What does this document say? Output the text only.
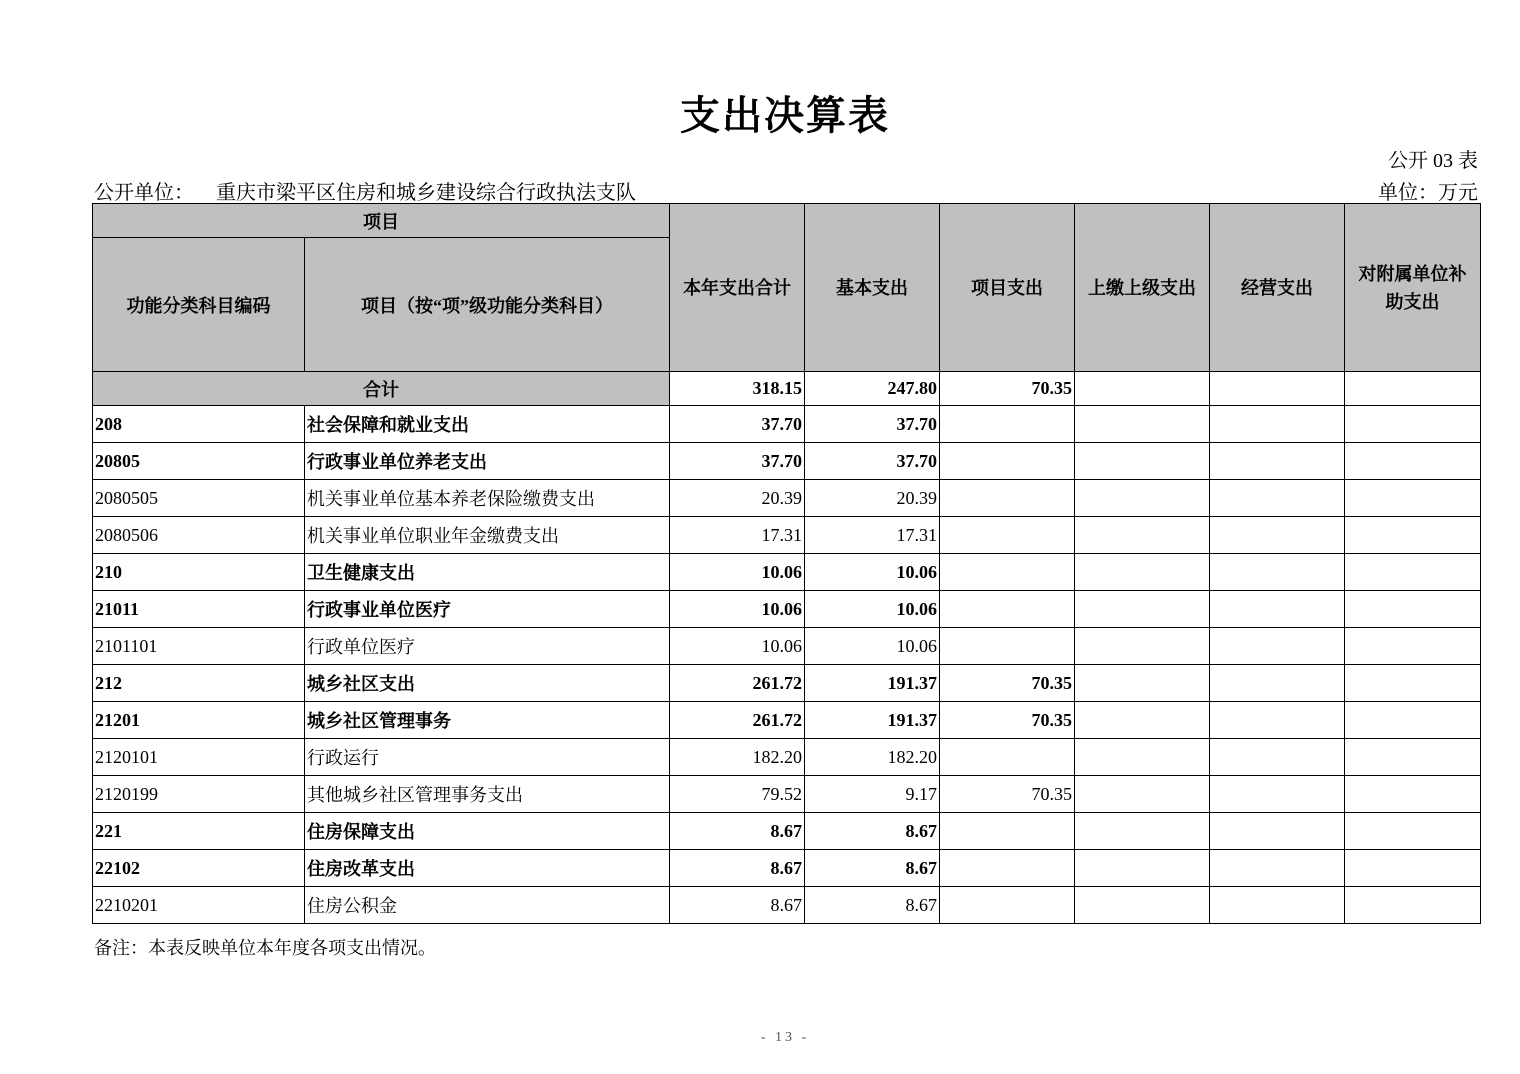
支出决算表
公开 03 表
公开单位： 重庆市梁平区住房和城乡建设综合行政执法支队	单位：万元
项目		本年支出合计	基本支出	项目支出	上缴上级支出	经营支出	对附属单位补助支出
功能分类科目编码	项目（按“项”级功能分类科目）						
合计		318.15	247.80	70.35			
208	社会保障和就业支出	37.70	37.70				
20805	行政事业单位养老支出	37.70	37.70				
2080505	机关事业单位基本养老保险缴费支出	20.39	20.39				
2080506	机关事业单位职业年金缴费支出	17.31	17.31				
210	卫生健康支出	10.06	10.06				
21011	行政事业单位医疗	10.06	10.06				
2101101	行政单位医疗	10.06	10.06				
212	城乡社区支出	261.72	191.37	70.35			
21201	城乡社区管理事务	261.72	191.37	70.35			
2120101	行政运行	182.20	182.20				
2120199	其他城乡社区管理事务支出	79.52	9.17	70.35			
221	住房保障支出	8.67	8.67				
22102	住房改革支出	8.67	8.67				
2210201	住房公积金	8.67	8.67				
备注：本表反映单位本年度各项支出情况。
- 13 -
